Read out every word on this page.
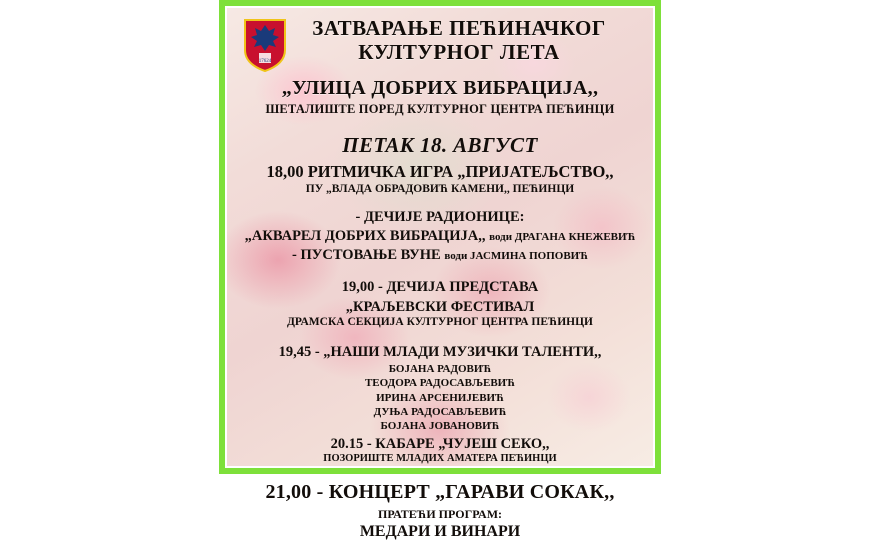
17624
ЗАТВАРАЊЕ ПЕЋИНАЧКОГ
КУЛТУРНОГ ЛЕТА
„УЛИЦА ДОБРИХ ВИБРАЦИЈА,,
ШЕТАЛИШТЕ ПОРЕД КУЛТУРНОГ ЦЕНТРА ПЕЋИНЦИ
ПЕТАК 18. АВГУСТ
18,00 РИТМИЧКА ИГРА „ПРИЈАТЕЉСТВО,,
ПУ „ВЛАДА ОБРАДОВИЋ КАМЕНИ,, ПЕЋИНЦИ
- ДЕЧИЈЕ РАДИОНИЦЕ:
„АКВАРЕЛ ДОБРИХ ВИБРАЦИЈА,, води ДРАГАНА КНЕЖЕВИЋ
- ПУСТОВАЊЕ ВУНЕ води ЈАСМИНА ПОПОВИЋ
19,00 - ДЕЧИЈА ПРЕДСТАВА
„КРАЉЕВСКИ ФЕСТИВАЛ
ДРАМСКА СЕКЦИЈА КУЛТУРНОГ ЦЕНТРА ПЕЋИНЦИ
19,45 - „НАШИ МЛАДИ МУЗИЧКИ ТАЛЕНТИ,,
БОЈАНА РАДОВИЋ
ТЕОДОРА РАДОСАВЉЕВИЋ
ИРИНА АРСЕНИЈЕВИЋ
ДУЊА РАДОСАВЉЕВИЋ
БОЈАНА ЈОВАНОВИЋ
20.15 - КАБАРЕ „ЧУЈЕШ СЕКО,,
ПОЗОРИШТЕ МЛАДИХ АМАТЕРА ПЕЋИНЦИ
21,00 - КОНЦЕРТ „ГАРАВИ СОКАК,,
ПРАТЕЋИ ПРОГРАМ:
МЕДАРИ И ВИНАРИ
